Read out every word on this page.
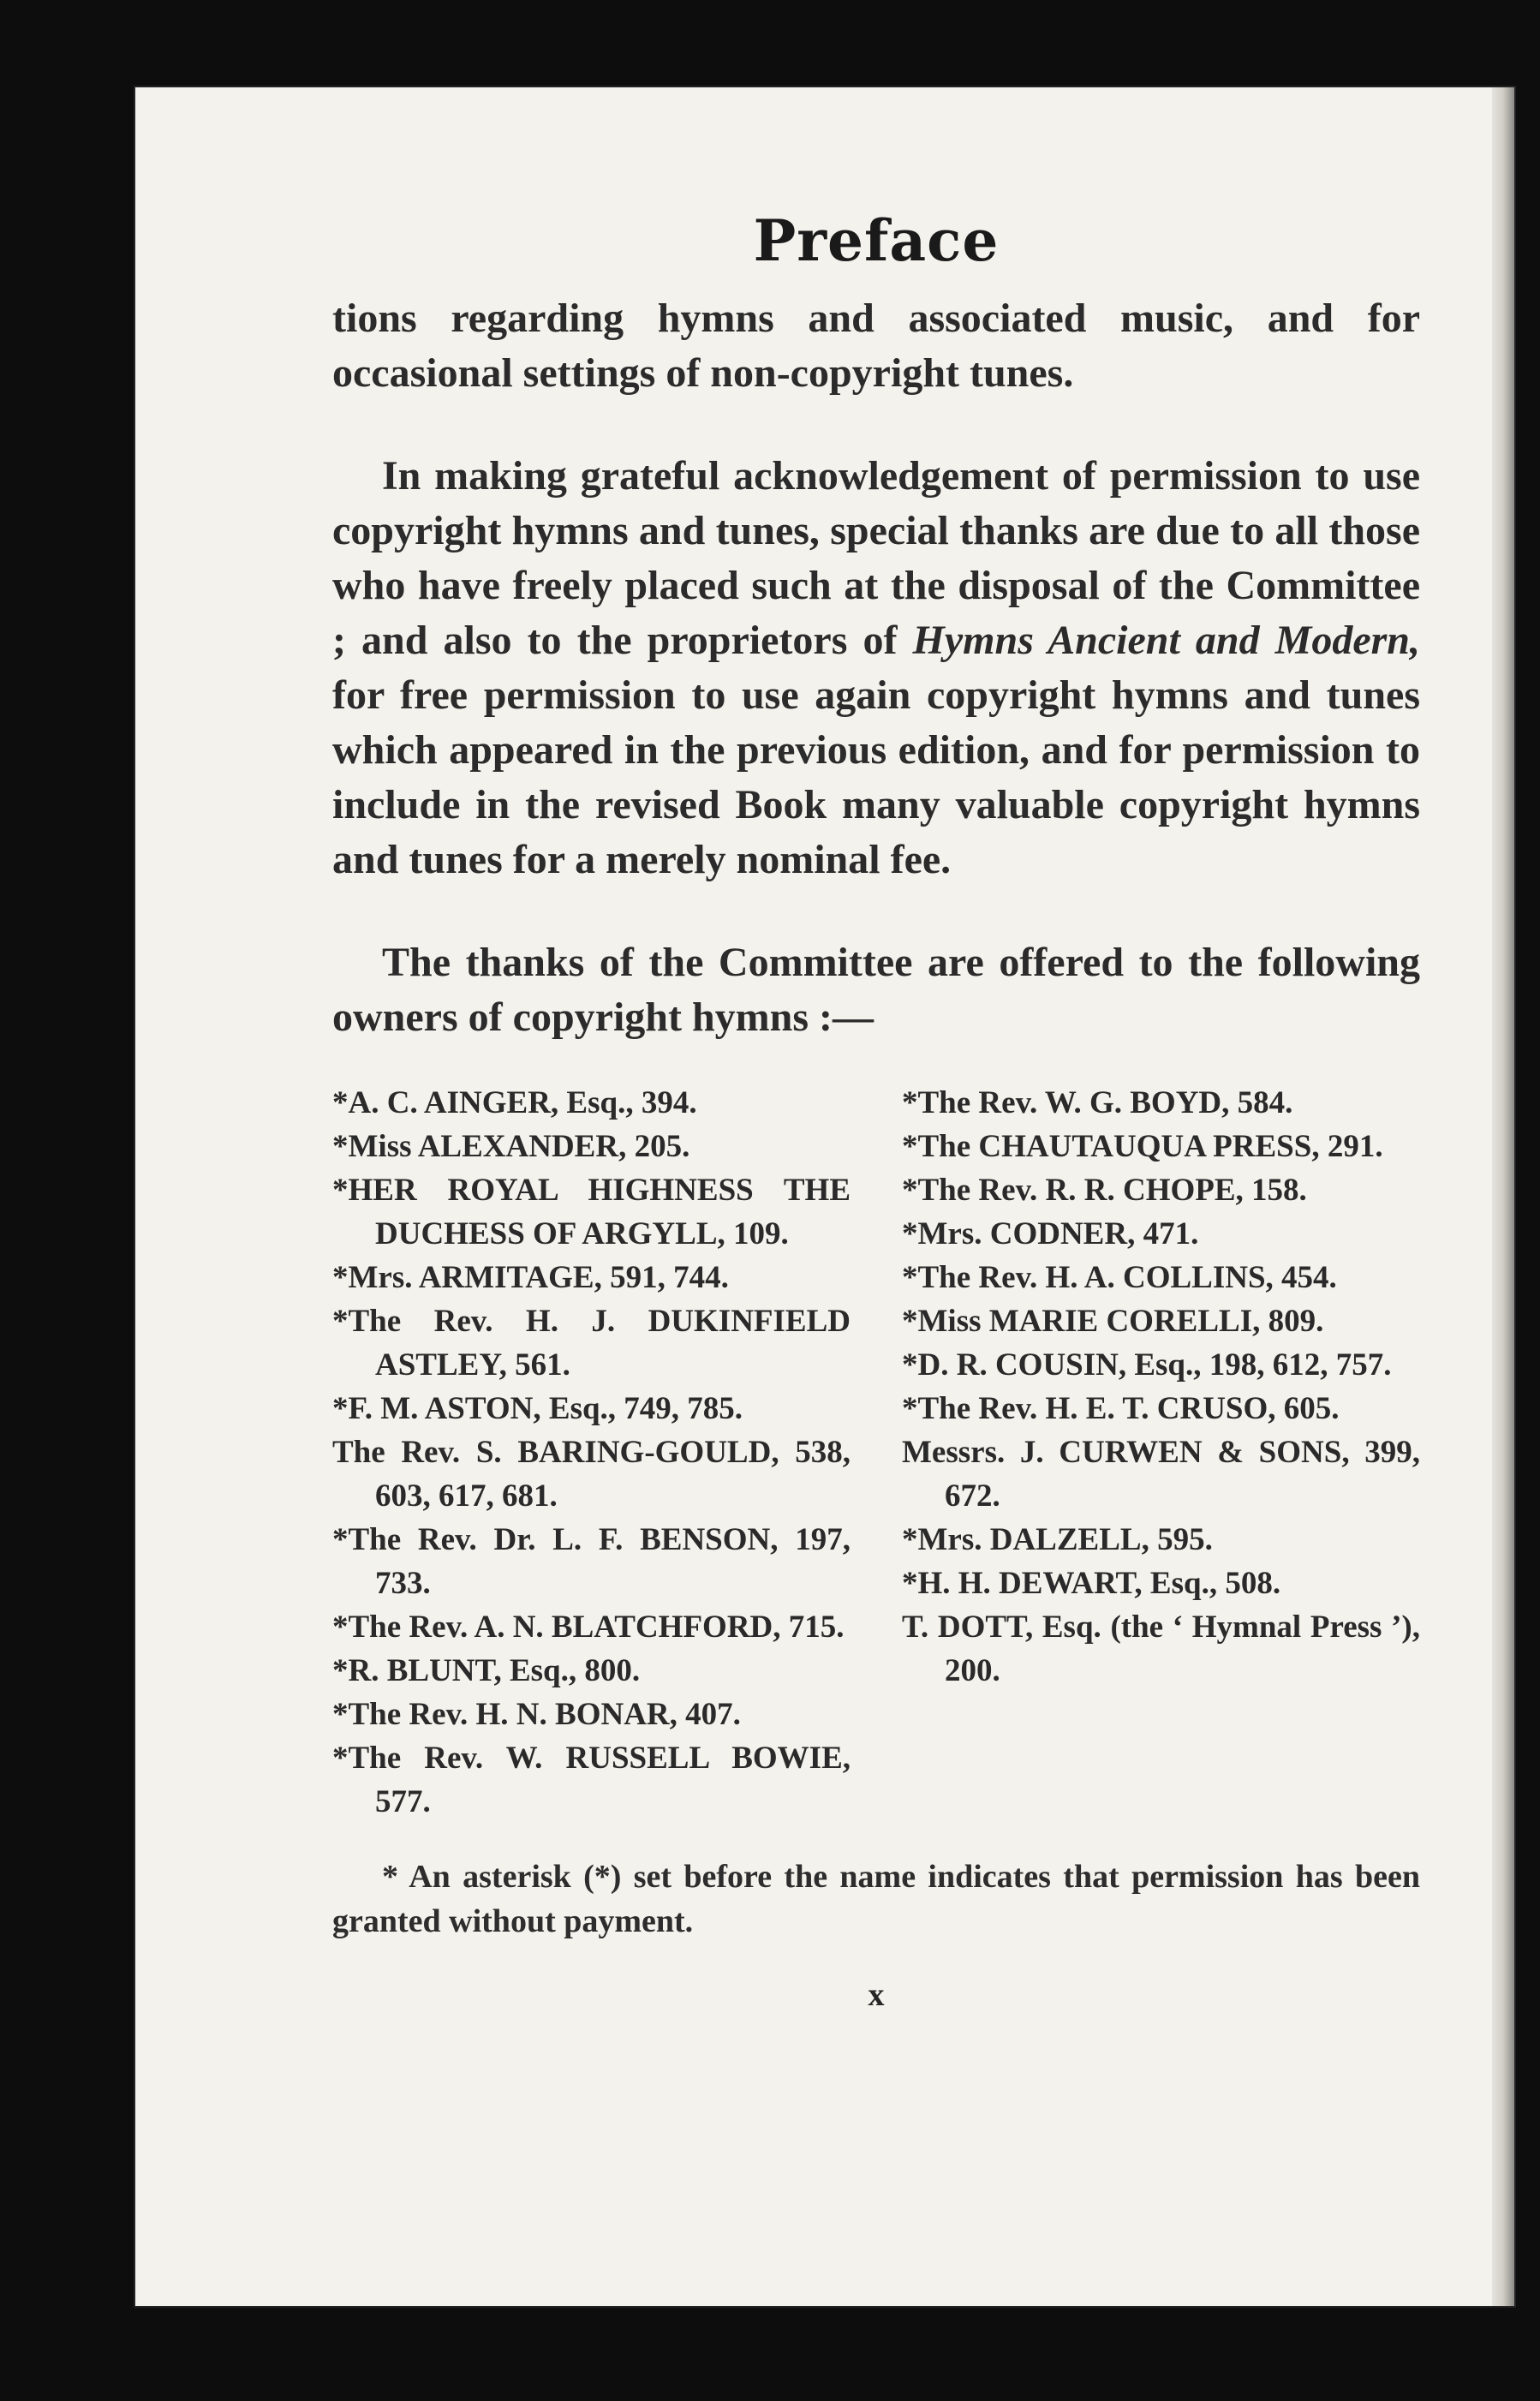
Preface

tions regarding hymns and associated music, and for occasional settings of non-copyright tunes.

In making grateful acknowledgement of permission to use copyright hymns and tunes, special thanks are due to all those who have freely placed such at the disposal of the Committee ; and also to the proprietors of Hymns Ancient and Modern, for free permission to use again copyright hymns and tunes which appeared in the previous edition, and for permission to include in the revised Book many valuable copyright hymns and tunes for a merely nominal fee.

The thanks of the Committee are offered to the following owners of copyright hymns :—

*A. C. AINGER, Esq., 394.
*Miss ALEXANDER, 205.
*HER ROYAL HIGHNESS THE DUCHESS OF ARGYLL, 109.
*Mrs. ARMITAGE, 591, 744.
*The Rev. H. J. DUKINFIELD ASTLEY, 561.
*F. M. ASTON, Esq., 749, 785.
The Rev. S. BARING-GOULD, 538, 603, 617, 681.
*The Rev. Dr. L. F. BENSON, 197, 733.
*The Rev. A. N. BLATCHFORD, 715.
*R. BLUNT, Esq., 800.
*The Rev. H. N. BONAR, 407.
*The Rev. W. RUSSELL BOWIE, 577.
*The Rev. W. G. BOYD, 584.
*The CHAUTAUQUA PRESS, 291.
*The Rev. R. R. CHOPE, 158.
*Mrs. CODNER, 471.
*The Rev. H. A. COLLINS, 454.
*Miss MARIE CORELLI, 809.
*D. R. COUSIN, Esq., 198, 612, 757.
*The Rev. H. E. T. CRUSO, 605.
Messrs. J. CURWEN & SONS, 399, 672.
*Mrs. DALZELL, 595.
*H. H. DEWART, Esq., 508.
T. DOTT, Esq. (the ‘ Hymnal Press ’), 200.

* An asterisk (*) set before the name indicates that permission has been granted without payment.

x
